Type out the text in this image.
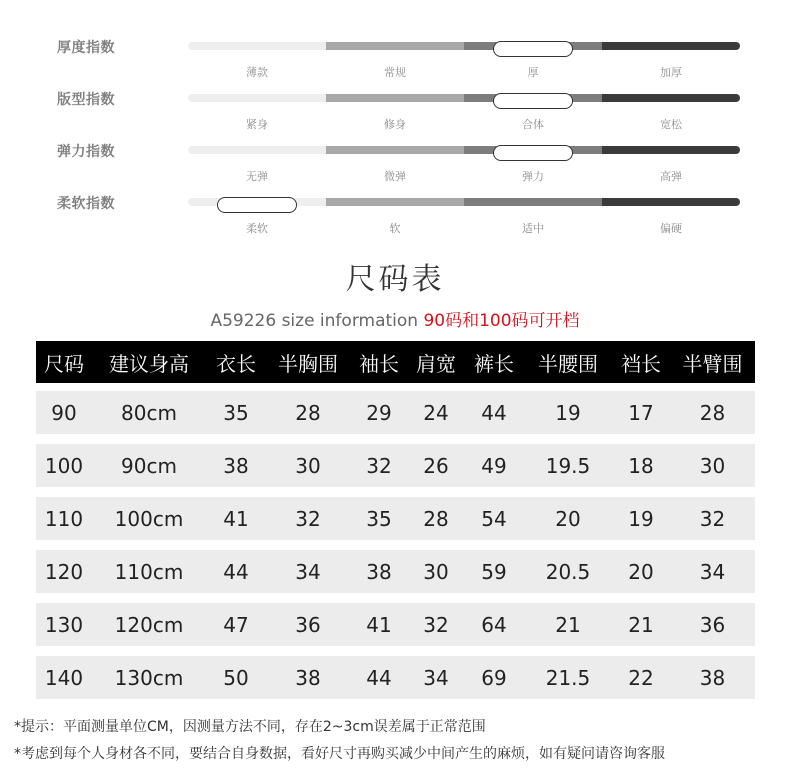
厚度指数
薄款	常规	厚	加厚
版型指数
紧身	修身	合体	宽松
弹力指数
无弹	微弹	弹力	高弹
柔软指数
柔软	软	适中	偏硬
尺码表
A59226 size information 90码和100码可开档
尺码	建议身高	衣长	半胸围	袖长 肩宽 裤长	半腰围	裆长	半臂围
90	80cm	35	28	29	24	44	19	17	28
100	90cm	38	30	32	26	49	19.5	18	30
110	100cm	41	32	35	28	54	20	19	32
120	110cm	44	34	38	30	59	20.5	20	34
130	120cm	47	36	41	32	64	21	21	36
140	130cm	50	38	44	34	69	21.5	22	38
*提示：平面测量单位CM，因测量方法不同，存在2~3cm误差属于正常范围
*考虑到每个人身材各不同，要结合自身数据，看好尺寸再购买减少中间产生的麻烦，如有疑问请咨询客服
